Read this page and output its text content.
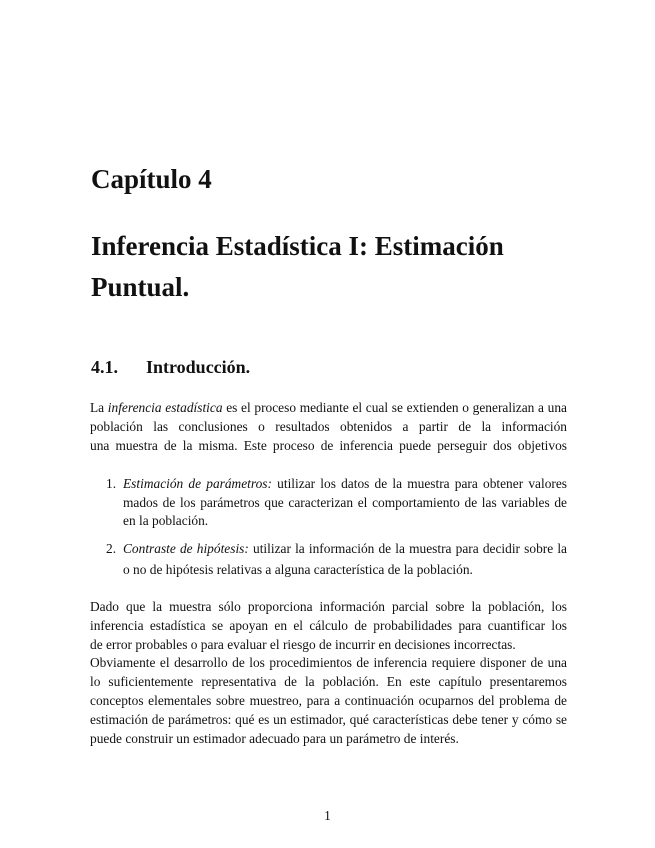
Capítulo 4
Inferencia Estadística I: Estimación
Puntual.
4.1. Introducción.
La inferencia estadística es el proceso mediante el cual se extienden o generalizan a una
población las conclusiones o resultados obtenidos a partir de la información
una muestra de la misma. Este proceso de inferencia puede perseguir dos objetivos
1. Estimación de parámetros: utilizar los datos de la muestra para obtener valores
mados de los parámetros que caracterizan el comportamiento de las variables de
en la población.
2. Contraste de hipótesis: utilizar la información de la muestra para decidir sobre la
o no de hipótesis relativas a alguna característica de la población.
Dado que la muestra sólo proporciona información parcial sobre la población, los
inferencia estadística se apoyan en el cálculo de probabilidades para cuantificar los
de error probables o para evaluar el riesgo de incurrir en decisiones incorrectas.
Obviamente el desarrollo de los procedimientos de inferencia requiere disponer de una
lo suficientemente representativa de la población. En este capítulo presentaremos
conceptos elementales sobre muestreo, para a continuación ocuparnos del problema de
estimación de parámetros: qué es un estimador, qué características debe tener y cómo se
puede construir un estimador adecuado para un parámetro de interés.
1
